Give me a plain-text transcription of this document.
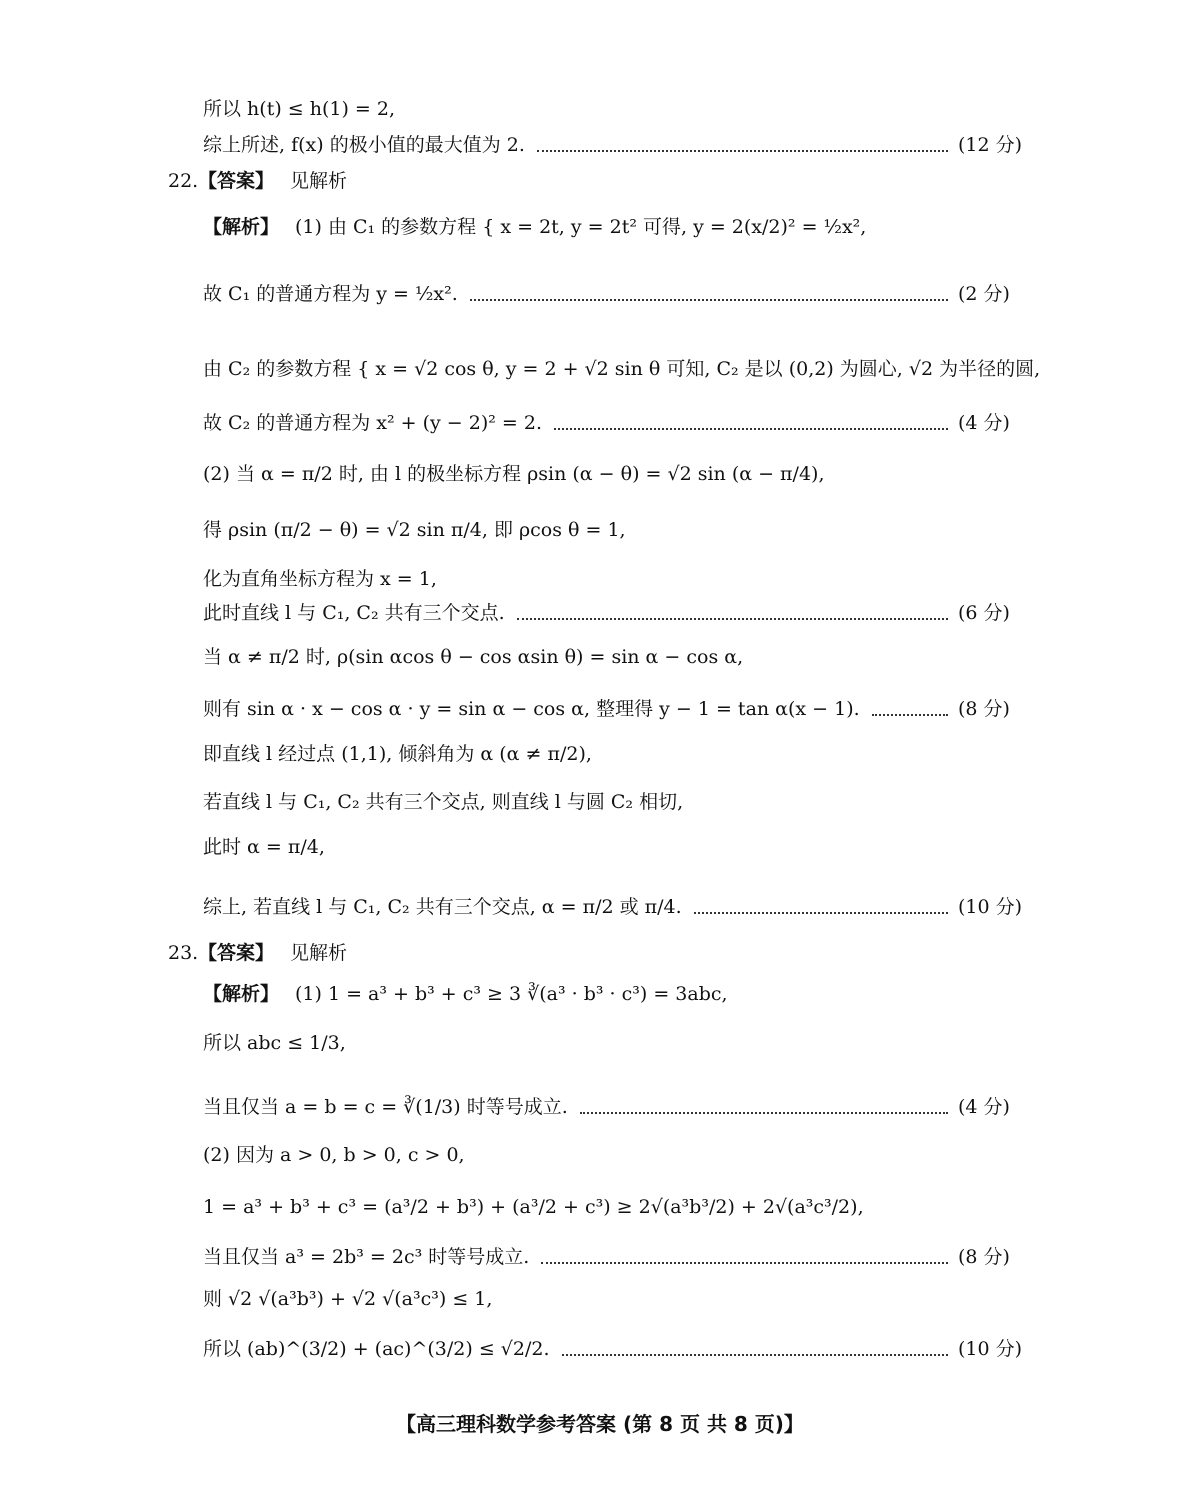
所以 h(t) ≤ h(1) = 2,
综上所述, f(x) 的极小值的最大值为 2.	(12 分)
22. 【答案】 见解析
【解析】 (1) 由 C₁ 的参数方程 { x = 2t, y = 2t² 可得, y = 2(x/2)² = ½x²,
故 C₁ 的普通方程为 y = ½x².	(2 分)
由 C₂ 的参数方程 { x = √2 cos θ, y = 2 + √2 sin θ 可知, C₂ 是以 (0,2) 为圆心, √2 为半径的圆,
故 C₂ 的普通方程为 x² + (y − 2)² = 2.	(4 分)
(2) 当 α = π/2 时, 由 l 的极坐标方程 ρsin (α − θ) = √2 sin (α − π/4),
得 ρsin (π/2 − θ) = √2 sin π/4, 即 ρcos θ = 1,
化为直角坐标方程为 x = 1,
此时直线 l 与 C₁, C₂ 共有三个交点.	(6 分)
当 α ≠ π/2 时, ρ(sin αcos θ − cos αsin θ) = sin α − cos α,
则有 sin α · x − cos α · y = sin α − cos α, 整理得 y − 1 = tan α(x − 1).	(8 分)
即直线 l 经过点 (1,1), 倾斜角为 α (α ≠ π/2),
若直线 l 与 C₁, C₂ 共有三个交点, 则直线 l 与圆 C₂ 相切,
此时 α = π/4,
综上, 若直线 l 与 C₁, C₂ 共有三个交点, α = π/2 或 π/4.	(10 分)
23. 【答案】 见解析
【解析】 (1) 1 = a³ + b³ + c³ ≥ 3 ∛(a³ · b³ · c³) = 3abc,
所以 abc ≤ 1/3,
当且仅当 a = b = c = ∛(1/3) 时等号成立.	(4 分)
(2) 因为 a > 0, b > 0, c > 0,
1 = a³ + b³ + c³ = (a³/2 + b³) + (a³/2 + c³) ≥ 2√(a³b³/2) + 2√(a³c³/2),
当且仅当 a³ = 2b³ = 2c³ 时等号成立.	(8 分)
则 √2 √(a³b³) + √2 √(a³c³) ≤ 1,
所以 (ab)^(3/2) + (ac)^(3/2) ≤ √2/2.	(10 分)
【高三理科数学参考答案 (第 8 页 共 8 页)】
